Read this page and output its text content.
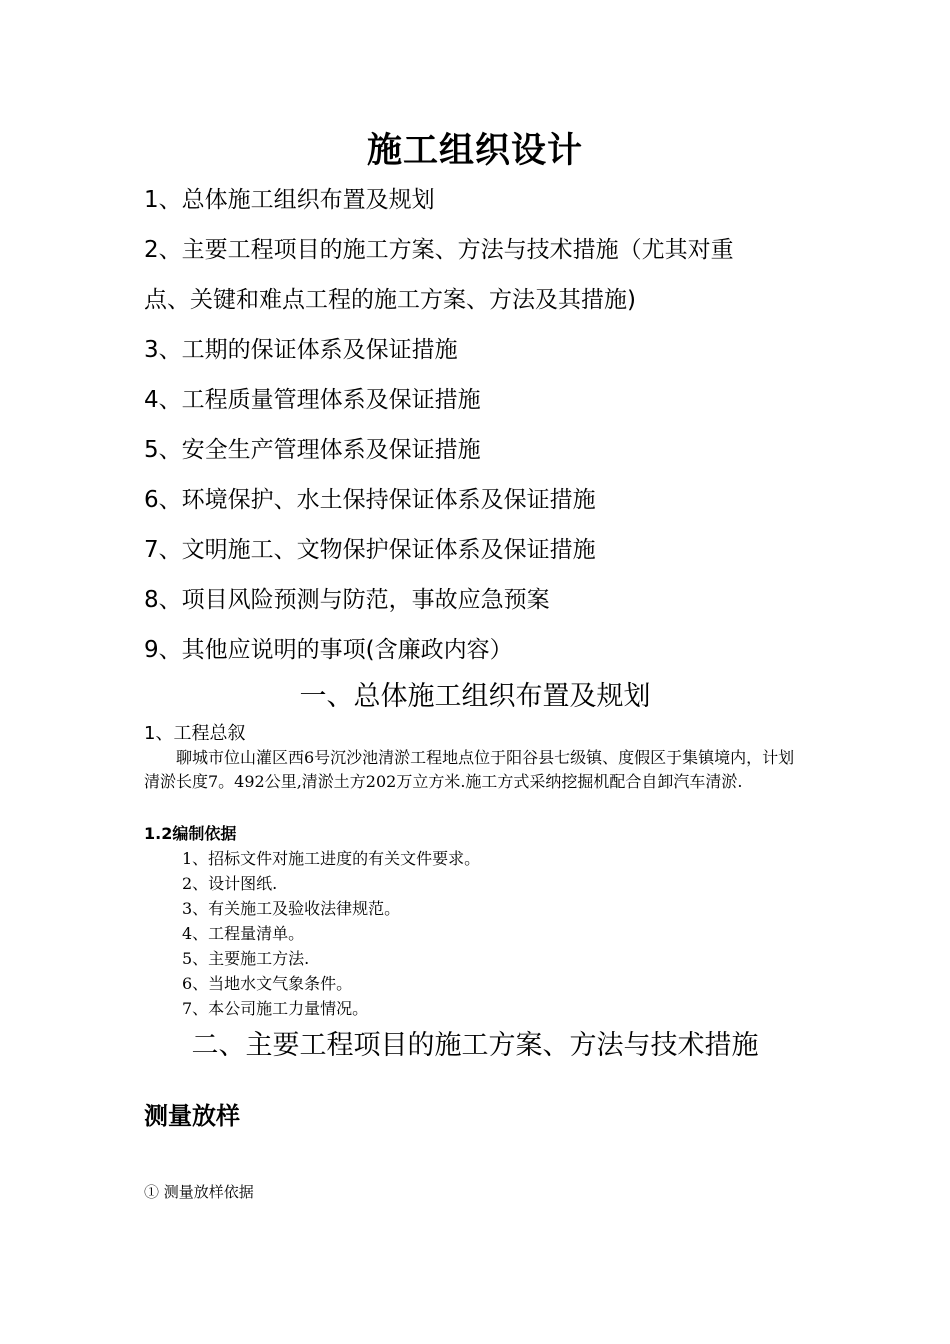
施工组织设计
1、总体施工组织布置及规划
2、主要工程项目的施工方案、方法与技术措施（尤其对重
点、关键和难点工程的施工方案、方法及其措施)
3、工期的保证体系及保证措施
4、工程质量管理体系及保证措施
5、安全生产管理体系及保证措施
6、环境保护、水土保持保证体系及保证措施
7、文明施工、文物保护保证体系及保证措施
8、项目风险预测与防范，事故应急预案
9、其他应说明的事项(含廉政内容）
一、总体施工组织布置及规划
1、工程总叙

聊城市位山灌区西6号沉沙池清淤工程地点位于阳谷县七级镇、度假区于集镇境内，计划清淤长度7。492公里,清淤土方202万立方米.施工方式采纳挖掘机配合自卸汽车清淤.

1.2编制依据
1、招标文件对施工进度的有关文件要求。
2、设计图纸.
3、有关施工及验收法律规范。
4、工程量清单。
5、主要施工方法.
6、当地水文气象条件。
7、本公司施工力量情况。
二、主要工程项目的施工方案、方法与技术措施
测量放样
① 测量放样依据
